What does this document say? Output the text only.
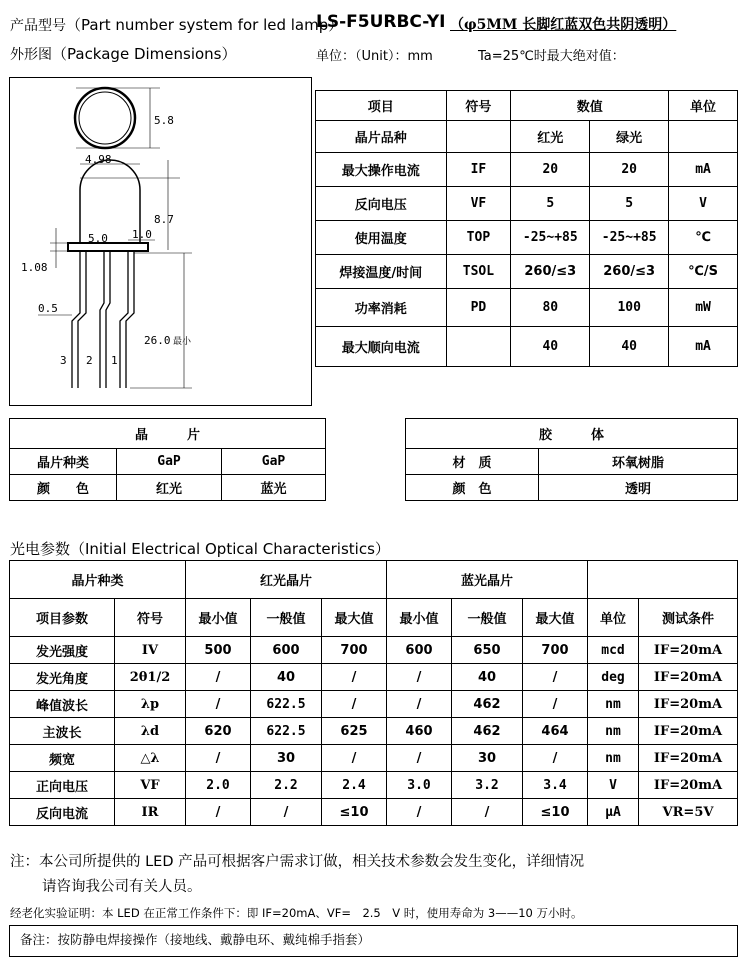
产品型号（Part number system for led lamp）
LS-F5URBC-YI （φ5MM 长脚红蓝双色共阴透明）
外形图（Package Dimensions）	单位：（Unit）：mm	Ta=25℃时最大绝对值：
5.8
4.98
8.7
5.0 1.0
1.08
0.5
26.0 最小
3 2 1
项目	符号	数值		单位
晶片品种		红光	绿光	
最大操作电流	IF	20	20	mA
反向电压	VF	5	5	V
使用温度	TOP	-25~+85	-25~+85	℃
焊接温度/时间	TSOL	260/≤3	260/≤3	℃/S
功率消耗	PD	80	100	mW
最大顺向电流		40	40	mA
晶　　　片		
晶片种类	GaP	GaP
颜　　色	红光	蓝光
胶　　　体	
材　质	环氧树脂
颜　色	透明
光电参数（Initial Electrical Optical Characteristics）
晶片种类		红光晶片			蓝光晶片				
项目参数	符号	最小值	一般值	最大值	最小值	一般值	最大值	单位	测试条件
发光强度	IV	500	600	700	600	650	700	mcd	IF=20mA
发光角度	2θ1/2	/	40	/	/	40	/	deg	IF=20mA
峰值波长	λp	/	622.5	/	/	462	/	nm	IF=20mA
主波长	λd	620	622.5	625	460	462	464	nm	IF=20mA
频宽	△λ	/	30	/	/	30	/	nm	IF=20mA
正向电压	VF	2.0	2.2	2.4	3.0	3.2	3.4	V	IF=20mA
反向电流	IR	/	/	≤10	/	/	≤10	μA	VR=5V
注：本公司所提供的 LED 产品可根据客户需求订做，相关技术参数会发生变化，详细情况
请咨询我公司有关人员。
经老化实验证明：本 LED 在正常工作条件下：即 IF=20mA、VF=　2.5　V 时，使用寿命为 3——10 万小时。
备注：按防静电焊接操作（接地线、戴静电环、戴纯棉手指套）
